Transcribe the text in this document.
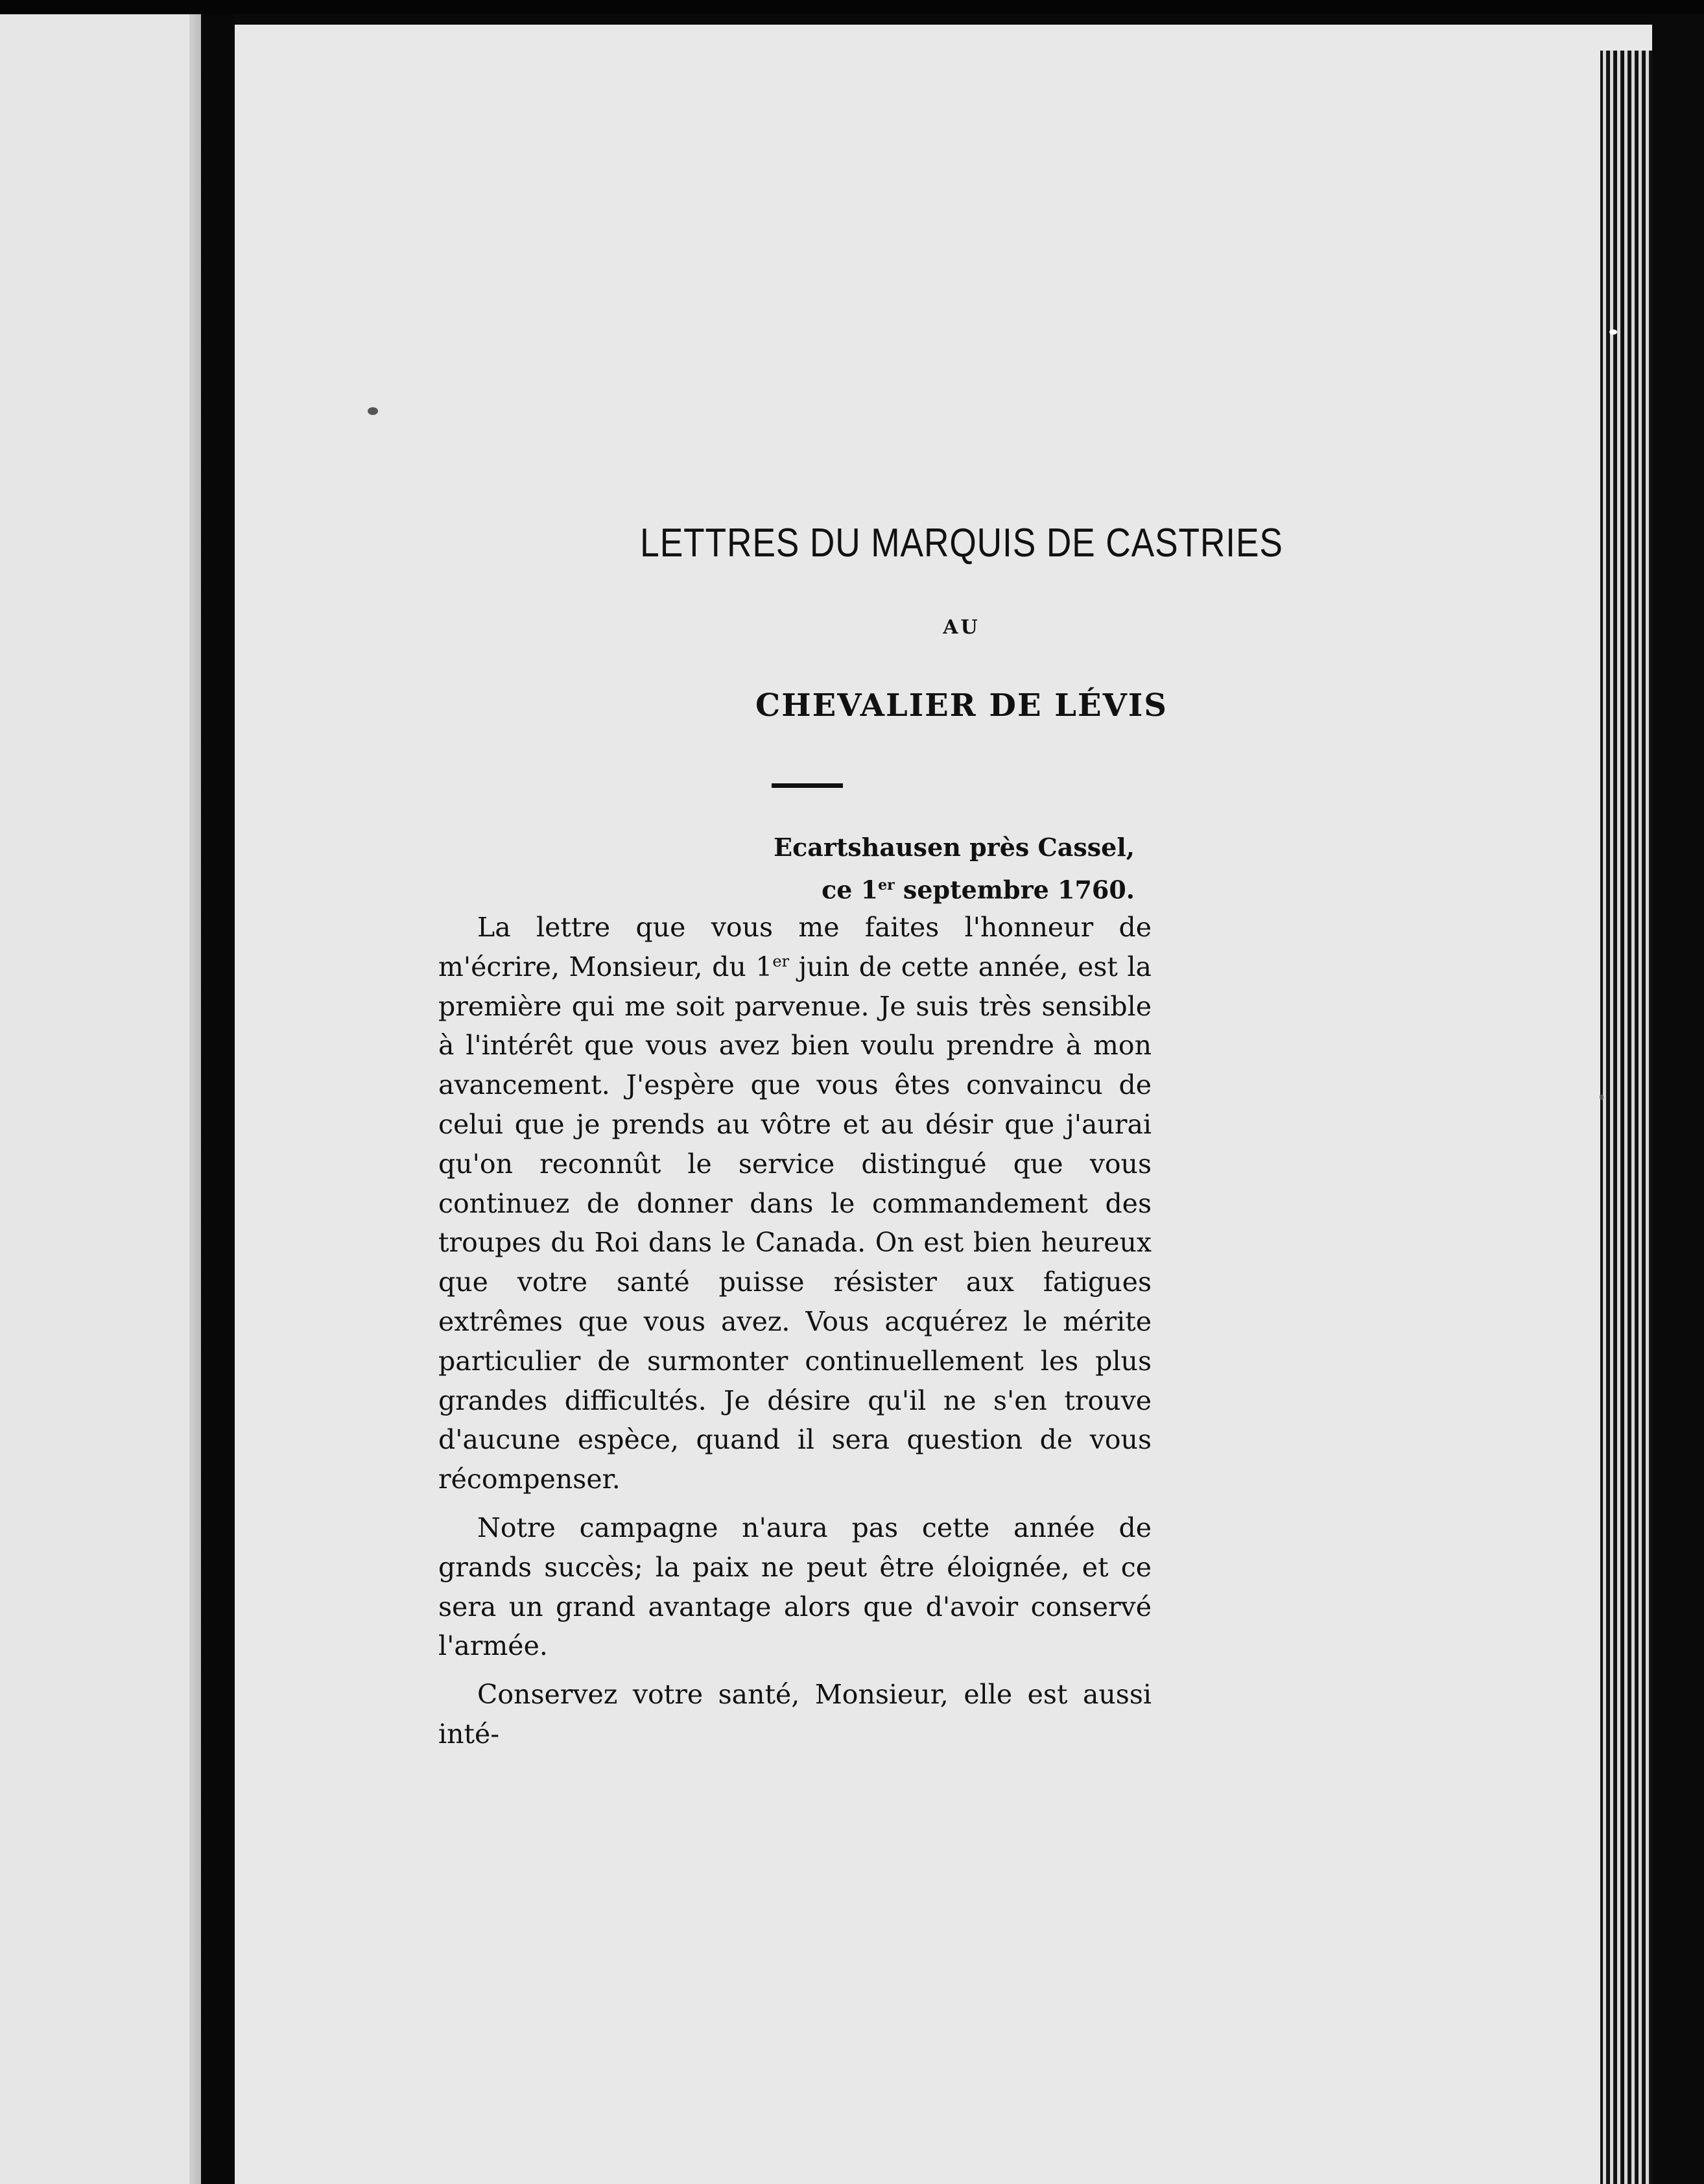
LETTRES DU MARQUIS DE CASTRIES
AU
CHEVALIER DE LÉVIS
Ecartshausen près Cassel,
ce 1er septembre 1760.

La lettre que vous me faites l'honneur de m'écrire, Monsieur, du 1er juin de cette année, est la première qui me soit parvenue. Je suis très sensible à l'intérêt que vous avez bien voulu prendre à mon avancement. J'espère que vous êtes convaincu de celui que je prends au vôtre et au désir que j'aurai qu'on reconnût le service distingué que vous continuez de donner dans le commandement des troupes du Roi dans le Canada. On est bien heureux que votre santé puisse résister aux fatigues extrêmes que vous avez. Vous acquérez le mérite particulier de surmonter continuellement les plus grandes difficultés. Je désire qu'il ne s'en trouve d'aucune espèce, quand il sera question de vous récompenser.

Notre campagne n'aura pas cette année de grands succès; la paix ne peut être éloignée, et ce sera un grand avantage alors que d'avoir conservé l'armée.

Conservez votre santé, Monsieur, elle est aussi inté-
